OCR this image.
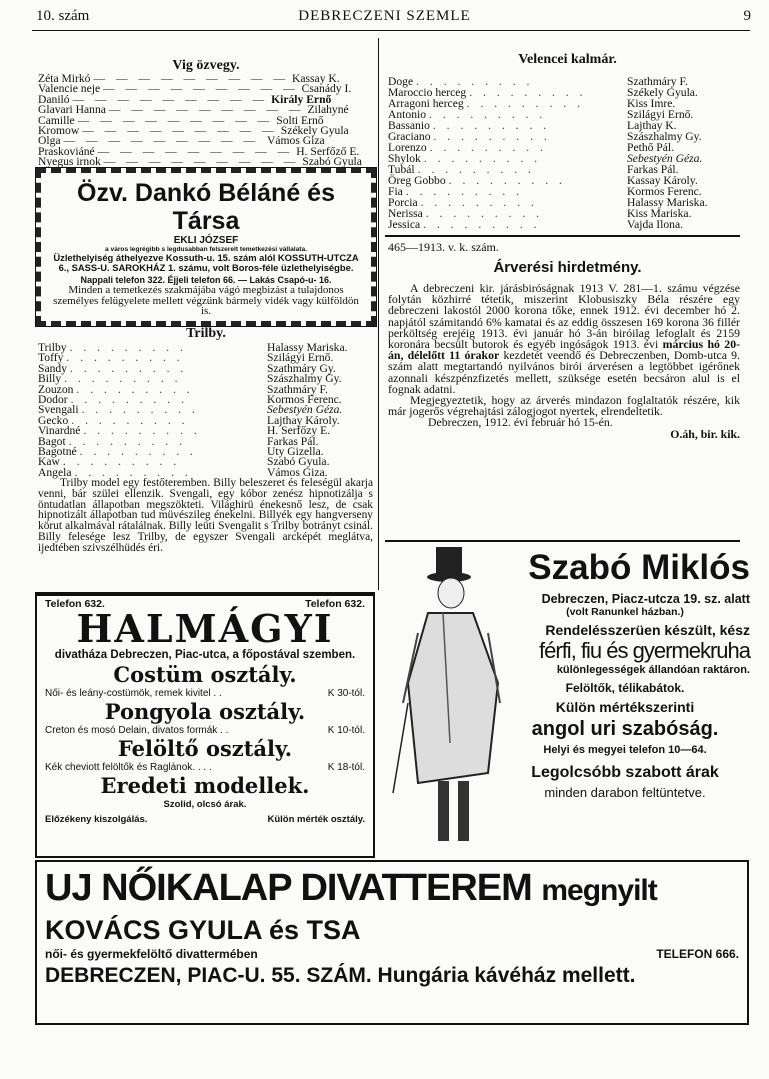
10. szám	DEBRECZENI SZEMLE	9
Vig özvegy.
Zéta Mirkó — — — — — — — — — Kassay K.
Valencie neje — — — — — — — — — Csanády I.
Daniló — — — — — — — — — Király Ernő
Glavari Hanna — — — — — — — — — Zilahyné
Camille — — — — — — — — — Solti Ernő
Kromow — — — — — — — — — Székely Gyula
Olga — — — — — — — — — Vámos Giza
Praskoviáné — — — — — — — — — H. Serfőző E.
Nyegus irnok — — — — — — — — — Szabó Gyula
Özv. Dankó Béláné és Társa
EKLI JÓZSEF
a város legrégibb s legdusabban felszerelt temetkezési vállalata.
Üzlethelyiség áthelyezve Kossuth-u. 15. szám alól KOSSUTH-UTCZA 6., SASS-U. SAROKHÁZ 1. számu, volt Boros-féle üzlethelyiségbe.
Nappali telefon 322. Éjjeli telefon 66. — Lakás Csapó-u- 16.
Minden a temetkezés szakmájába vágó megbizást a tulajdonos személyes felügyelete mellett végzünk bármely vidék vagy külföldön is.
Trilby.
Trilby . . . . . . . . .	Halassy Mariska.
Toffy . . . . . . . . .	Szilágyi Ernő.
Sandy . . . . . . . . .	Szathmáry Gy.
Billy . . . . . . . . .	Szászhalmy Gy.
Zouzon . . . . . . . . .	Szathmáry F.
Dodor . . . . . . . . .	Kormos Ferenc.
Svengali . . . . . . . . .	Sebestyén Géza.
Gecko . . . . . . . . .	Lajthay Károly.
Vinardné . . . . . . . . .	H. Serfőzy E.
Bagot . . . . . . . . .	Farkas Pál.
Bagotné . . . . . . . . .	Uty Gizella.
Kaw . . . . . . . . .	Szabó Gyula.
Angela . . . . . . . . .	Vámos Giza.
Trilby model egy festőteremben. Billy beleszeret és feleségül akarja venni, bár szülei ellenzik. Svengali, egy kóbor zenész hipnotizálja s öntudatlan állapotban megszökteti. Világhirü énekesnő lesz, de csak hipnotizált állapotban tud müvészileg énekelni. Billyék egy hangverseny körut alkalmával rátalálnak. Billy leüti Svengalit s Trilby botrányt csinál. Billy felesége lesz Trilby, de egyszer Svengali arcképét meglátva, ijedtében szivszélhüdés éri.
Telefon 632.	Telefon 632.
HALMÁGYI
divatháza Debreczen, Piac-utca, a főpostával szemben.
Costüm osztály.
Női- és leány-costümök, remek kivitel . .	K 30-tól.
Pongyola osztály.
Creton és mosó Delain, divatos formák . .	K 10-tól.
Felöltő osztály.
Kék cheviott felöltők és Raglánok. . . .	K 18-tól.
Eredeti modellek.
Szolid, olcsó árak.
Előzékeny kiszolgálás.	Külön mérték osztály.
Velencei kalmár.
Doge . . . . . . . . .	Szathmáry F.
Maroccio herceg . . . . . . . . .	Székely Gyula.
Arragoni herceg . . . . . . . . .	Kiss Imre.
Antonio . . . . . . . . .	Szilágyi Ernő.
Bassanio . . . . . . . . .	Lajthay K.
Graciano . . . . . . . . .	Szászhalmy Gy.
Lorenzo . . . . . . . . .	Pethő Pál.
Shylok . . . . . . . . .	Sebestyén Géza.
Tubál . . . . . . . . .	Farkas Pál.
Öreg Gobbo . . . . . . . . .	Kassay Károly.
Fia . . . . . . . . .	Kormos Ferenc.
Porcia . . . . . . . . .	Halassy Mariska.
Nerissa . . . . . . . . .	Kiss Mariska.
Jessica . . . . . . . . .	Vajda Ilona.
465—1913. v. k. szám.
Árverési hirdetmény.
A debreczeni kir. járásbiróságnak 1913 V. 281—1. számu végzése folytán közhirré tétetik, miszerint Klobusiszky Béla részére egy debreczeni lakostól 2000 korona tőke, ennek 1912. évi december hó 2. napjától számitandó 6% kamatai és az eddig összesen 169 korona 36 fillér perköltség erejéig 1913. évi január hó 3-án biróilag lefoglalt és 2159 koronára becsült butorok és egyéb ingóságok 1913. évi március hó 20-án, délelőtt 11 órakor kezdetét veendő és Debreczenben, Domb-utca 9. szám alatt megtartandó nyilvános birói árverésen a legtöbbet igérőnek azonnali készpénzfizetés mellett, szüksége esetén becsáron alul is el fognak adatni.
Megjegyeztetik, hogy az árverés mindazon foglaltatók részére, kik már jogerős végrehajtási zálogjogot nyertek, elrendeltetik.
Debreczen, 1912. évi február hó 15-én.
O.áh, bir. kik.
Szabó Miklós
Debreczen, Piacz-utcza 19. sz. alatt
(volt Ranunkel házban.)
Rendelésszerüen készült, kész
férfi, fiu és gyermekruha
különlegességek állandóan raktáron.
Felöltők, télikabátok.
Külön mértékszerinti
angol uri szabóság.
Helyi és megyei telefon 10—64.
Legolcsóbb szabott árak
minden darabon feltüntetve.
UJ NŐIKALAP DIVATTEREM megnyilt
KOVÁCS GYULA és TSA
női- és gyermekfelöltő divattermében	TELEFON 666.
DEBRECZEN, PIAC-U. 55. SZÁM. Hungária kávéház mellett.
